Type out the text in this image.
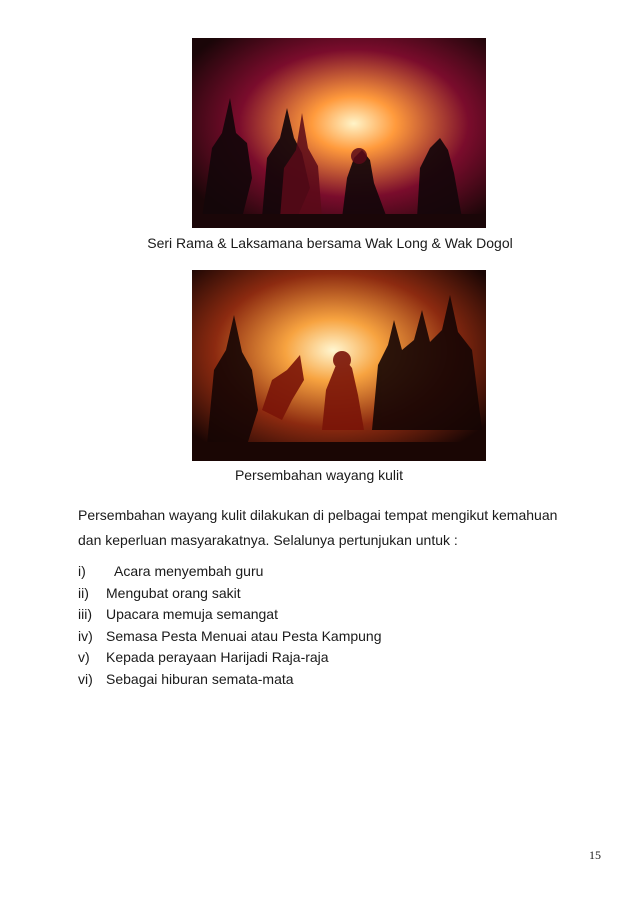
Seri Rama & Laksamana bersama Wak Long & Wak Dogol
Persembahan wayang kulit
Persembahan wayang kulit dilakukan di pelbagai tempat mengikut kemahuan
dan keperluan masyarakatnya. Selalunya pertunjukan untuk :
i)	Acara menyembah guru
ii)	Mengubat orang sakit
iii)	Upacara memuja semangat
iv) Semasa Pesta Menuai atau Pesta Kampung
v)	Kepada perayaan Harijadi Raja-raja
vi) Sebagai hiburan semata-mata
15
